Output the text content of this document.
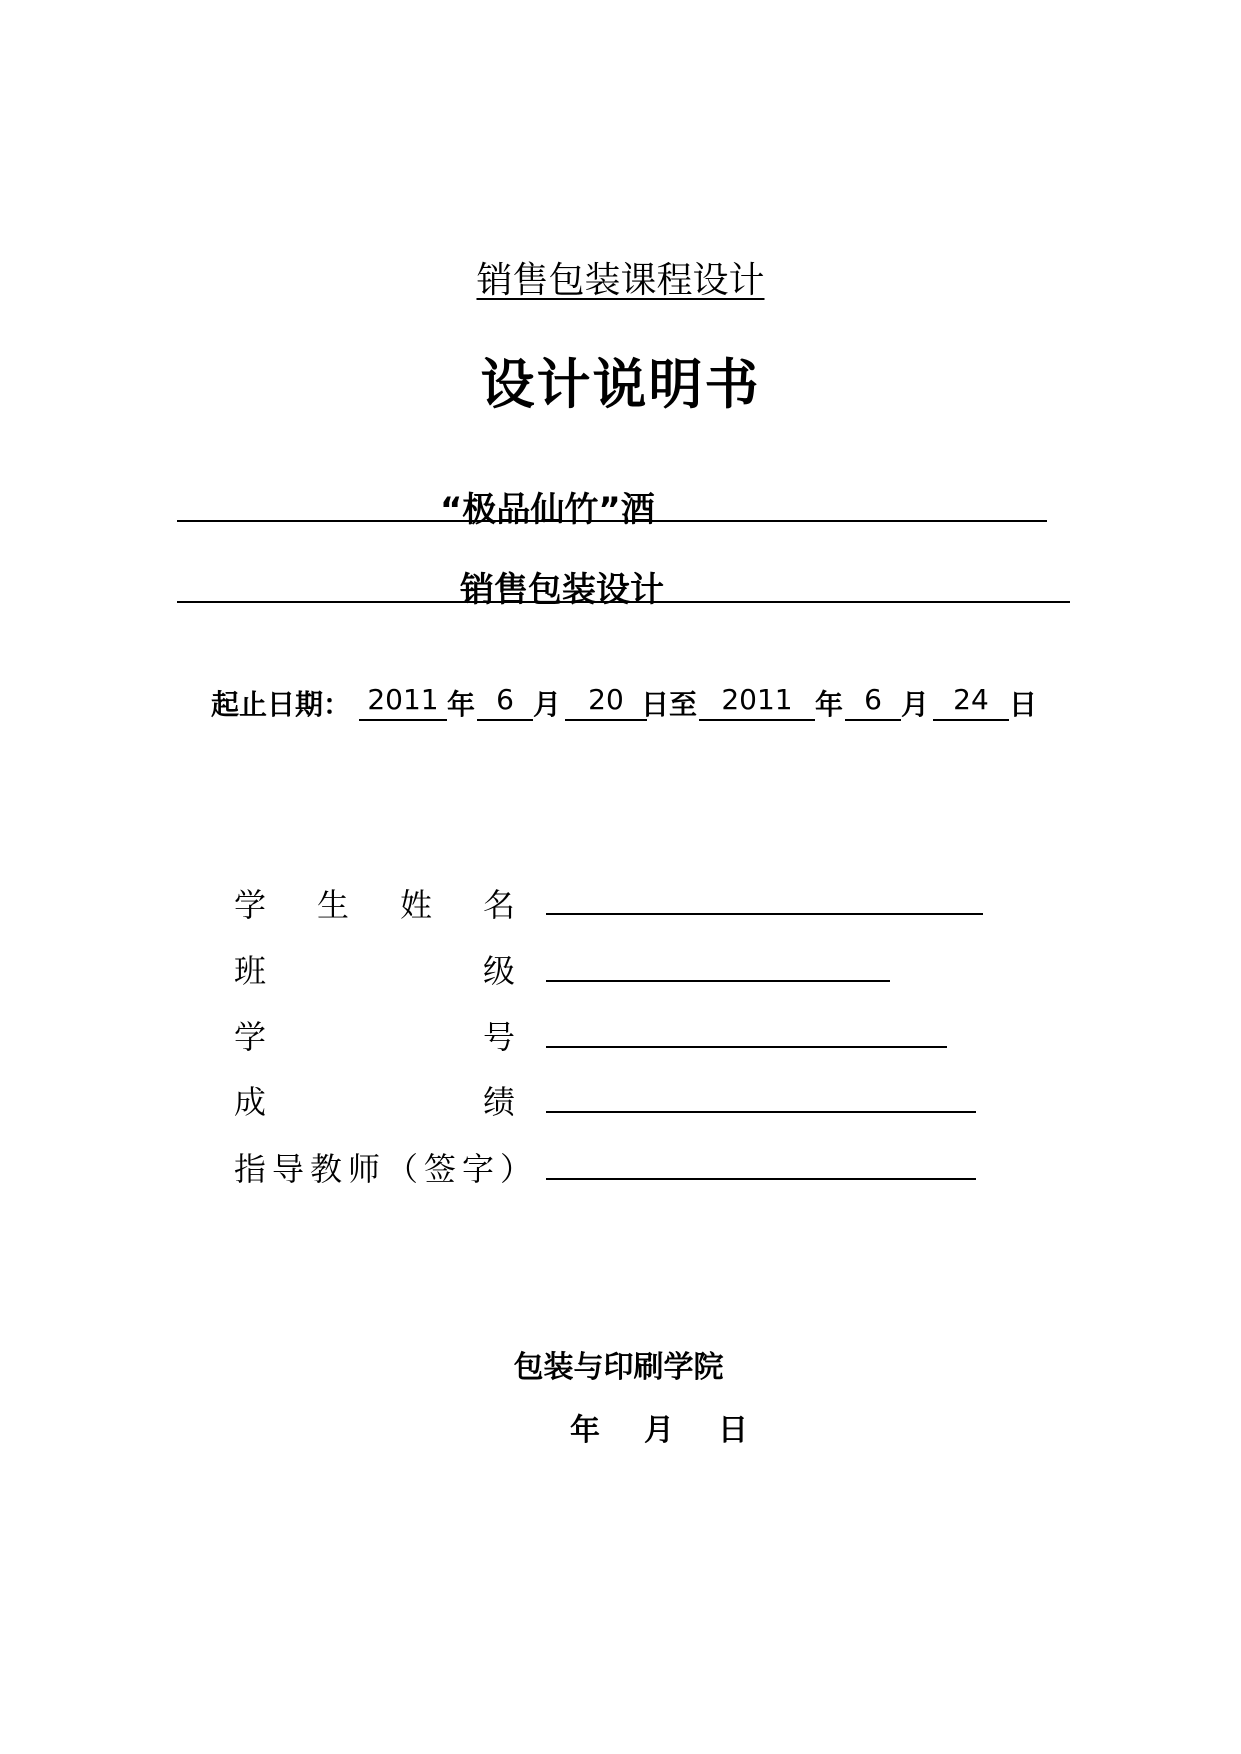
销售包装课程设计
设计说明书
“极品仙竹”酒
销售包装设计
起止日期： 2011 年 6 月 20 日至 2011 年 6 月 24 日
学 生 姓 名
班	级
学	号
成	绩
指导教师（签字）
包装与印刷学院
年 月 日
